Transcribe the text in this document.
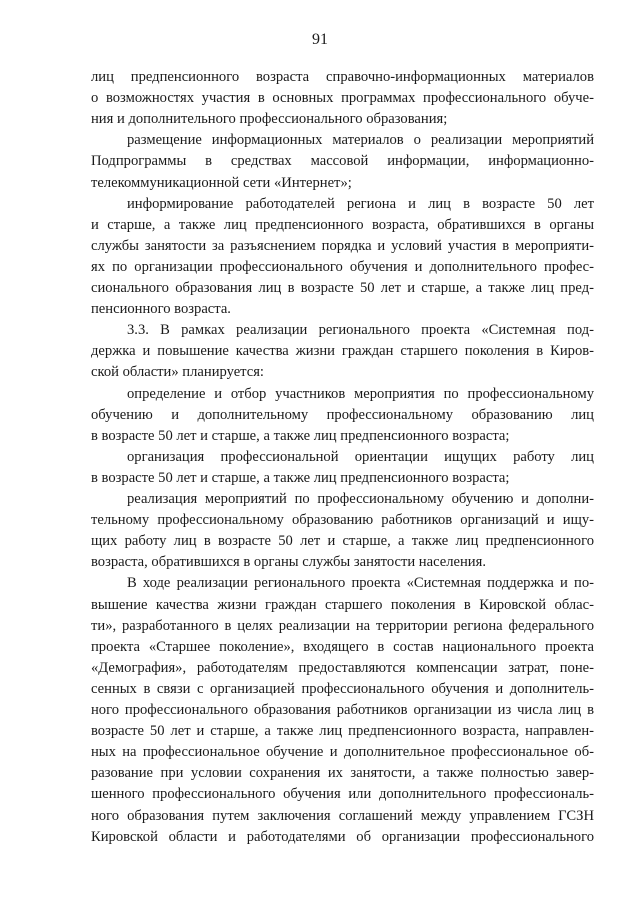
91
лиц предпенсионного возраста справочно-информационных материалов
о возможностях участия в основных программах профессионального обуче-
ния и дополнительного профессионального образования;
размещение информационных материалов о реализации мероприятий
Подпрограммы в средствах массовой информации, информационно-
телекоммуникационной сети «Интернет»;
информирование работодателей региона и лиц в возрасте 50 лет
и старше, а также лиц предпенсионного возраста, обратившихся в органы
службы занятости за разъяснением порядка и условий участия в мероприяти-
ях по организации профессионального обучения и дополнительного профес-
сионального образования лиц в возрасте 50 лет и старше, а также лиц пред-
пенсионного возраста.
3.3. В рамках реализации регионального проекта «Системная под-
держка и повышение качества жизни граждан старшего поколения в Киров-
ской области» планируется:
определение и отбор участников мероприятия по профессиональному
обучению и дополнительному профессиональному образованию лиц
в возрасте 50 лет и старше, а также лиц предпенсионного возраста;
организация профессиональной ориентации ищущих работу лиц
в возрасте 50 лет и старше, а также лиц предпенсионного возраста;
реализация мероприятий по профессиональному обучению и дополни-
тельному профессиональному образованию работников организаций и ищу-
щих работу лиц в возрасте 50 лет и старше, а также лиц предпенсионного
возраста, обратившихся в органы службы занятости населения.
В ходе реализации регионального проекта «Системная поддержка и по-
вышение качества жизни граждан старшего поколения в Кировской облас-
ти», разработанного в целях реализации на территории региона федерального
проекта «Старшее поколение», входящего в состав национального проекта
«Демография», работодателям предоставляются компенсации затрат, поне-
сенных в связи с организацией профессионального обучения и дополнитель-
ного профессионального образования работников организации из числа лиц в
возрасте 50 лет и старше, а также лиц предпенсионного возраста, направлен-
ных на профессиональное обучение и дополнительное профессиональное об-
разование при условии сохранения их занятости, а также полностью завер-
шенного профессионального обучения или дополнительного профессиональ-
ного образования путем заключения соглашений между управлением ГСЗН
Кировской области и работодателями об организации профессионального
